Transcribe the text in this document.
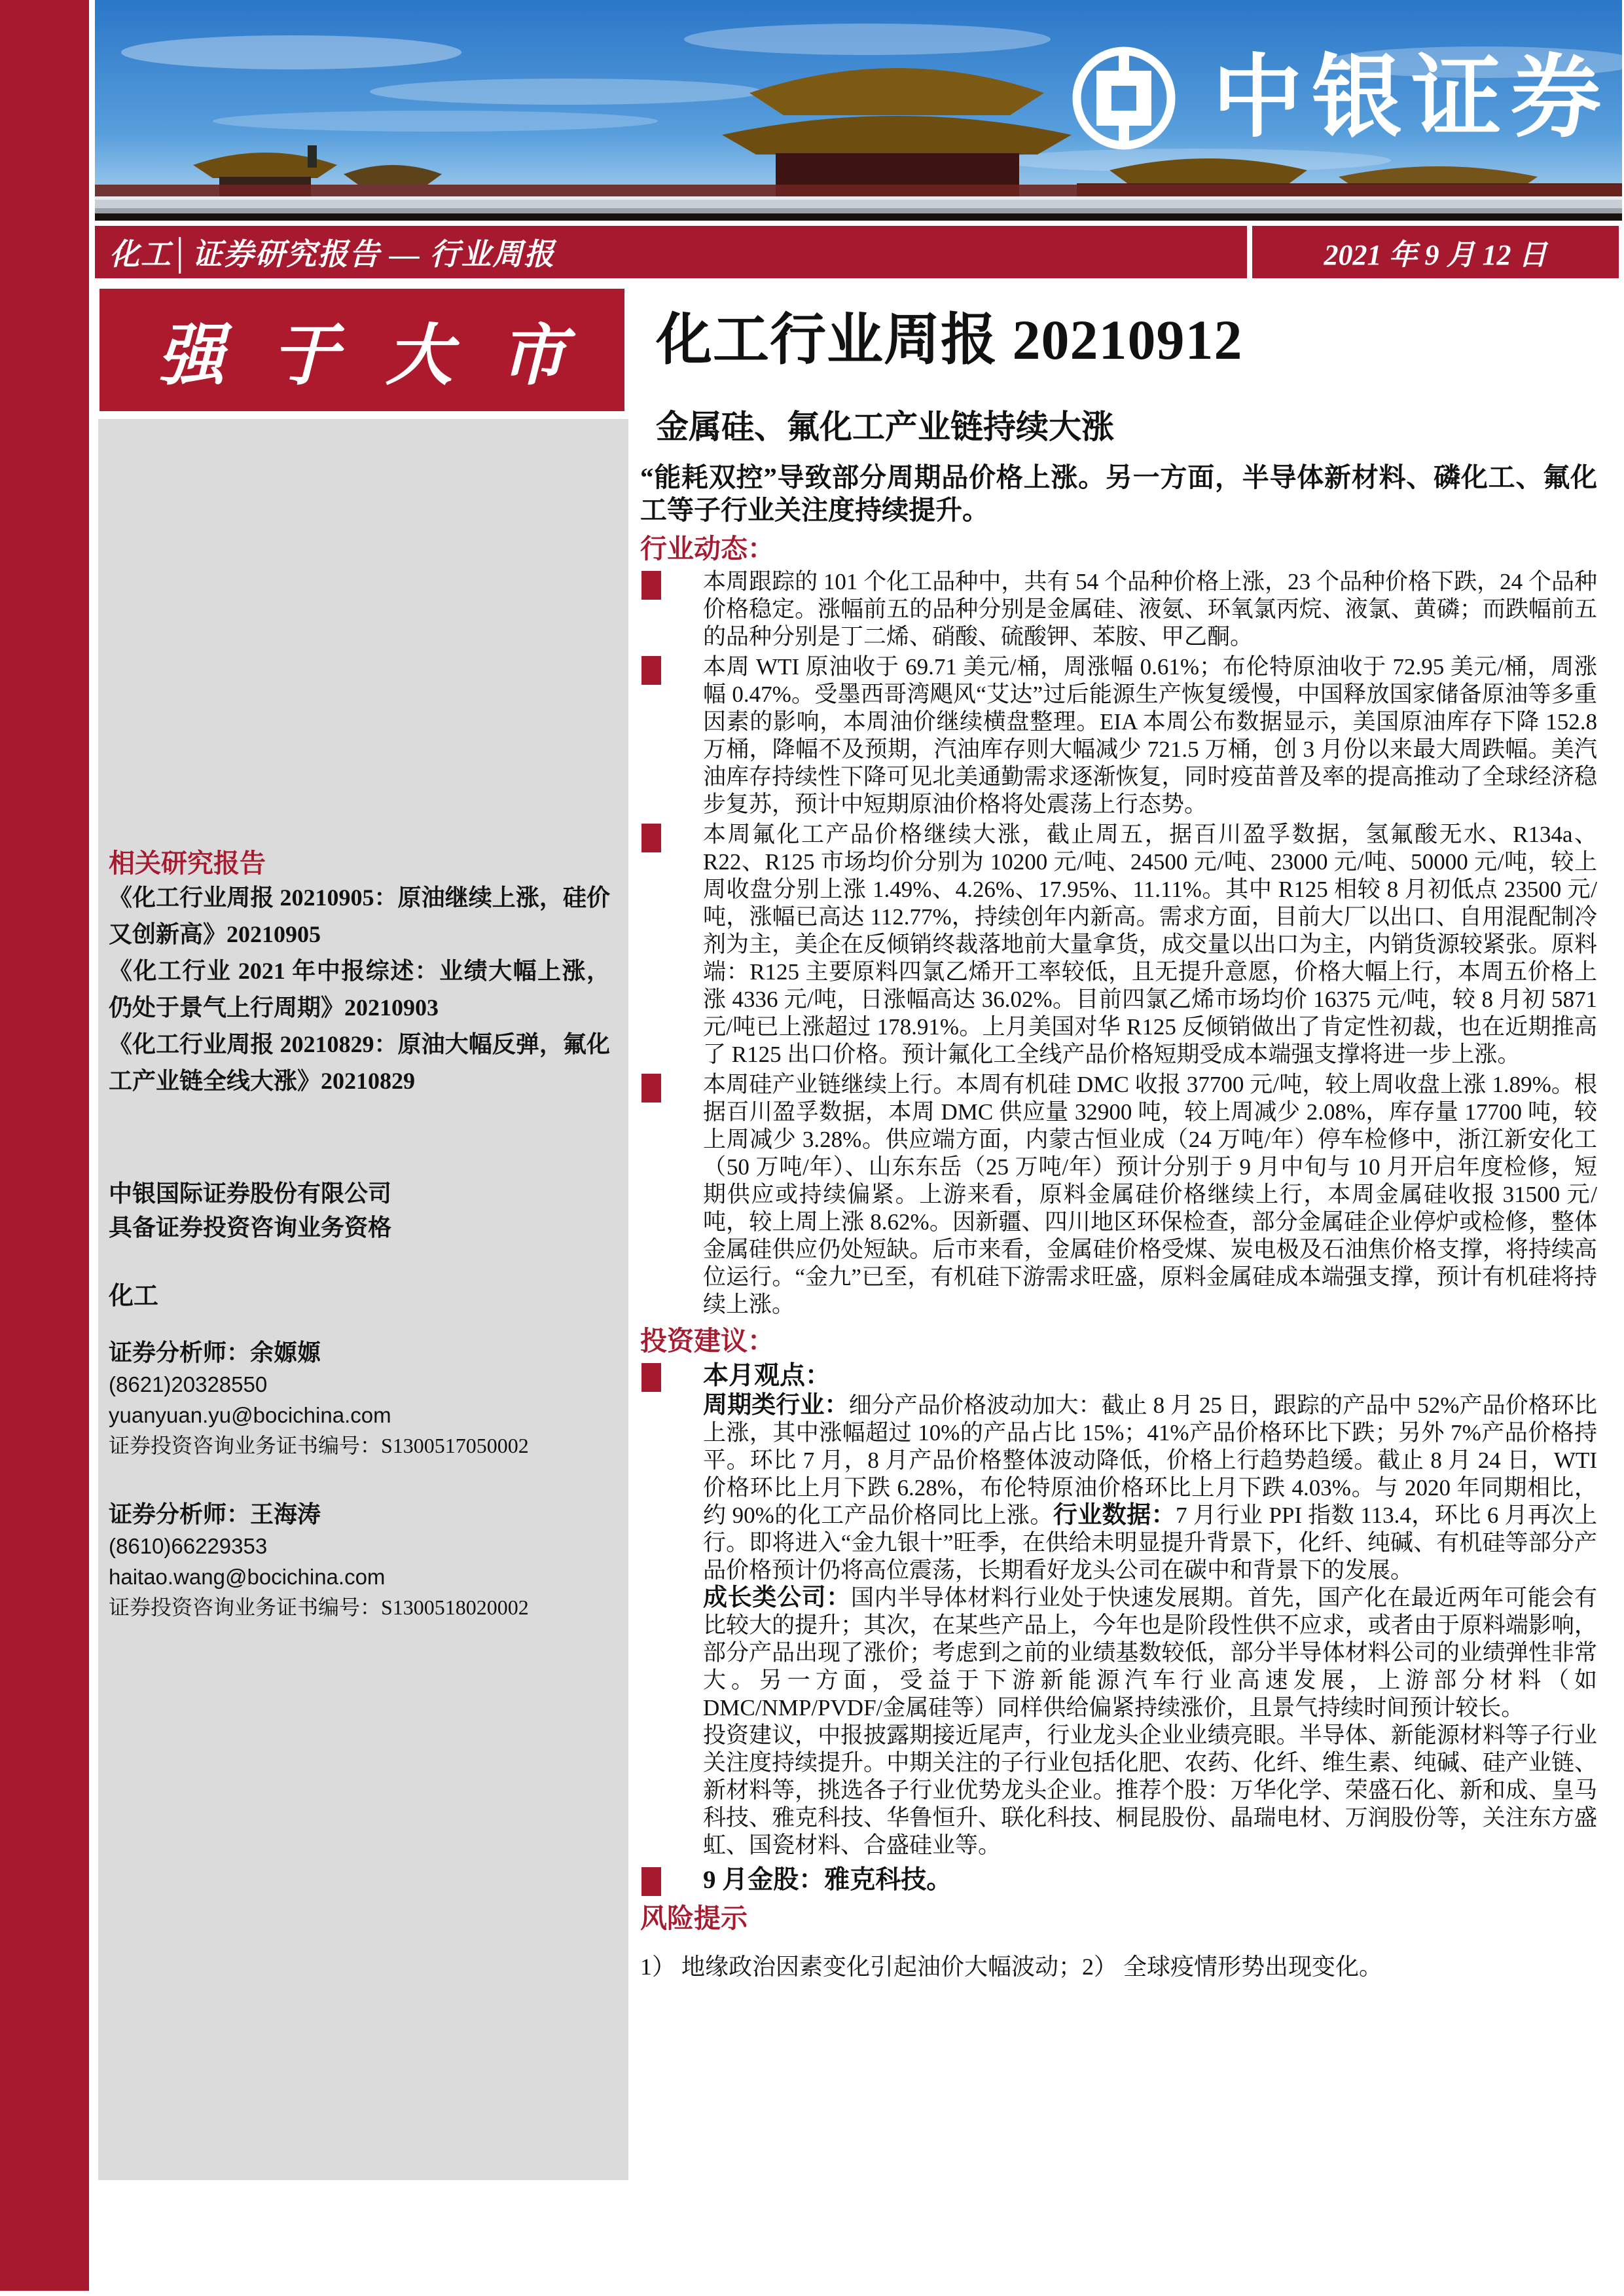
中银证券
化工│证券研究报告 — 行业周报	2021 年 9 月 12 日
强于大市

相关研究报告

《化工行业周报 20210905：原油继续上涨，硅价又创新高》20210905

《化工行业 2021 年中报综述：业绩大幅上涨，仍处于景气上行周期》20210903

《化工行业周报 20210829：原油大幅反弹，氟化工产业链全线大涨》20210829

中银国际证券股份有限公司

具备证券投资咨询业务资格

化工

证券分析师：余嫄嫄

(8621)20328550

yuanyuan.yu@bocichina.com

证券投资咨询业务证书编号：S1300517050002

证券分析师：王海涛

(8610)66229353

haitao.wang@bocichina.com

证券投资咨询业务证书编号：S1300518020002

化工行业周报 20210912
金属硅、氟化工产业链持续大涨
“能耗双控”导致部分周期品价格上涨。另一方面，半导体新材料、磷化工、氟化工等子行业关注度持续提升。
行业动态：
本周跟踪的 101 个化工品种中，共有 54 个品种价格上涨，23 个品种价格下跌，24 个品种价格稳定。涨幅前五的品种分别是金属硅、液氨、环氧氯丙烷、液氯、黄磷；而跌幅前五的品种分别是丁二烯、硝酸、硫酸钾、苯胺、甲乙酮。
本周 WTI 原油收于 69.71 美元/桶，周涨幅 0.61%；布伦特原油收于 72.95 美元/桶，周涨幅 0.47%。受墨西哥湾飓风“艾达”过后能源生产恢复缓慢，中国释放国家储备原油等多重因素的影响，本周油价继续横盘整理。EIA 本周公布数据显示，美国原油库存下降 152.8 万桶，降幅不及预期，汽油库存则大幅减少 721.5 万桶，创 3 月份以来最大周跌幅。美汽油库存持续性下降可见北美通勤需求逐渐恢复，同时疫苗普及率的提高推动了全球经济稳步复苏，预计中短期原油价格将处震荡上行态势。
本周氟化工产品价格继续大涨，截止周五，据百川盈孚数据，氢氟酸无水、R134a、R22、R125 市场均价分别为 10200 元/吨、24500 元/吨、23000 元/吨、50000 元/吨，较上周收盘分别上涨 1.49%、4.26%、17.95%、11.11%。其中 R125 相较 8 月初低点 23500 元/吨，涨幅已高达 112.77%，持续创年内新高。需求方面，目前大厂以出口、自用混配制冷剂为主，美企在反倾销终裁落地前大量拿货，成交量以出口为主，内销货源较紧张。原料端：R125 主要原料四氯乙烯开工率较低，且无提升意愿，价格大幅上行，本周五价格上涨 4336 元/吨，日涨幅高达 36.02%。目前四氯乙烯市场均价 16375 元/吨，较 8 月初 5871 元/吨已上涨超过 178.91%。上月美国对华 R125 反倾销做出了肯定性初裁，也在近期推高了 R125 出口价格。预计氟化工全线产品价格短期受成本端强支撑将进一步上涨。
本周硅产业链继续上行。本周有机硅 DMC 收报 37700 元/吨，较上周收盘上涨 1.89%。根据百川盈孚数据，本周 DMC 供应量 32900 吨，较上周减少 2.08%，库存量 17700 吨，较上周减少 3.28%。供应端方面，内蒙古恒业成（24 万吨/年）停车检修中，浙江新安化工（50 万吨/年）、山东东岳（25 万吨/年）预计分别于 9 月中旬与 10 月开启年度检修，短期供应或持续偏紧。上游来看，原料金属硅价格继续上行，本周金属硅收报 31500 元/吨，较上周上涨 8.62%。因新疆、四川地区环保检查，部分金属硅企业停炉或检修，整体金属硅供应仍处短缺。后市来看，金属硅价格受煤、炭电极及石油焦价格支撑，将持续高位运行。“金九”已至，有机硅下游需求旺盛，原料金属硅成本端强支撑，预计有机硅将持续上涨。
投资建议：
本月观点：
周期类行业：细分产品价格波动加大：截止 8 月 25 日，跟踪的产品中 52%产品价格环比上涨，其中涨幅超过 10%的产品占比 15%；41%产品价格环比下跌；另外 7%产品价格持平。环比 7 月，8 月产品价格整体波动降低，价格上行趋势趋缓。截止 8 月 24 日，WTI 价格环比上月下跌 6.28%，布伦特原油价格环比上月下跌 4.03%。与 2020 年同期相比，约 90%的化工产品价格同比上涨。行业数据：7 月行业 PPI 指数 113.4，环比 6 月再次上行。即将进入“金九银十”旺季，在供给未明显提升背景下，化纤、纯碱、有机硅等部分产品价格预计仍将高位震荡，长期看好龙头公司在碳中和背景下的发展。
成长类公司：国内半导体材料行业处于快速发展期。首先，国产化在最近两年可能会有比较大的提升；其次，在某些产品上，今年也是阶段性供不应求，或者由于原料端影响，部分产品出现了涨价；考虑到之前的业绩基数较低，部分半导体材料公司的业绩弹性非常大。另一方面，受益于下游新能源汽车行业高速发展，上游部分材料（如 DMC/NMP/PVDF/金属硅等）同样供给偏紧持续涨价，且景气持续时间预计较长。
投资建议，中报披露期接近尾声，行业龙头企业业绩亮眼。半导体、新能源材料等子行业关注度持续提升。中期关注的子行业包括化肥、农药、化纤、维生素、纯碱、硅产业链、新材料等，挑选各子行业优势龙头企业。推荐个股：万华化学、荣盛石化、新和成、皇马科技、雅克科技、华鲁恒升、联化科技、桐昆股份、晶瑞电材、万润股份等，关注东方盛虹、国瓷材料、合盛硅业等。
9 月金股：雅克科技。
风险提示
1） 地缘政治因素变化引起油价大幅波动；2） 全球疫情形势出现变化。
